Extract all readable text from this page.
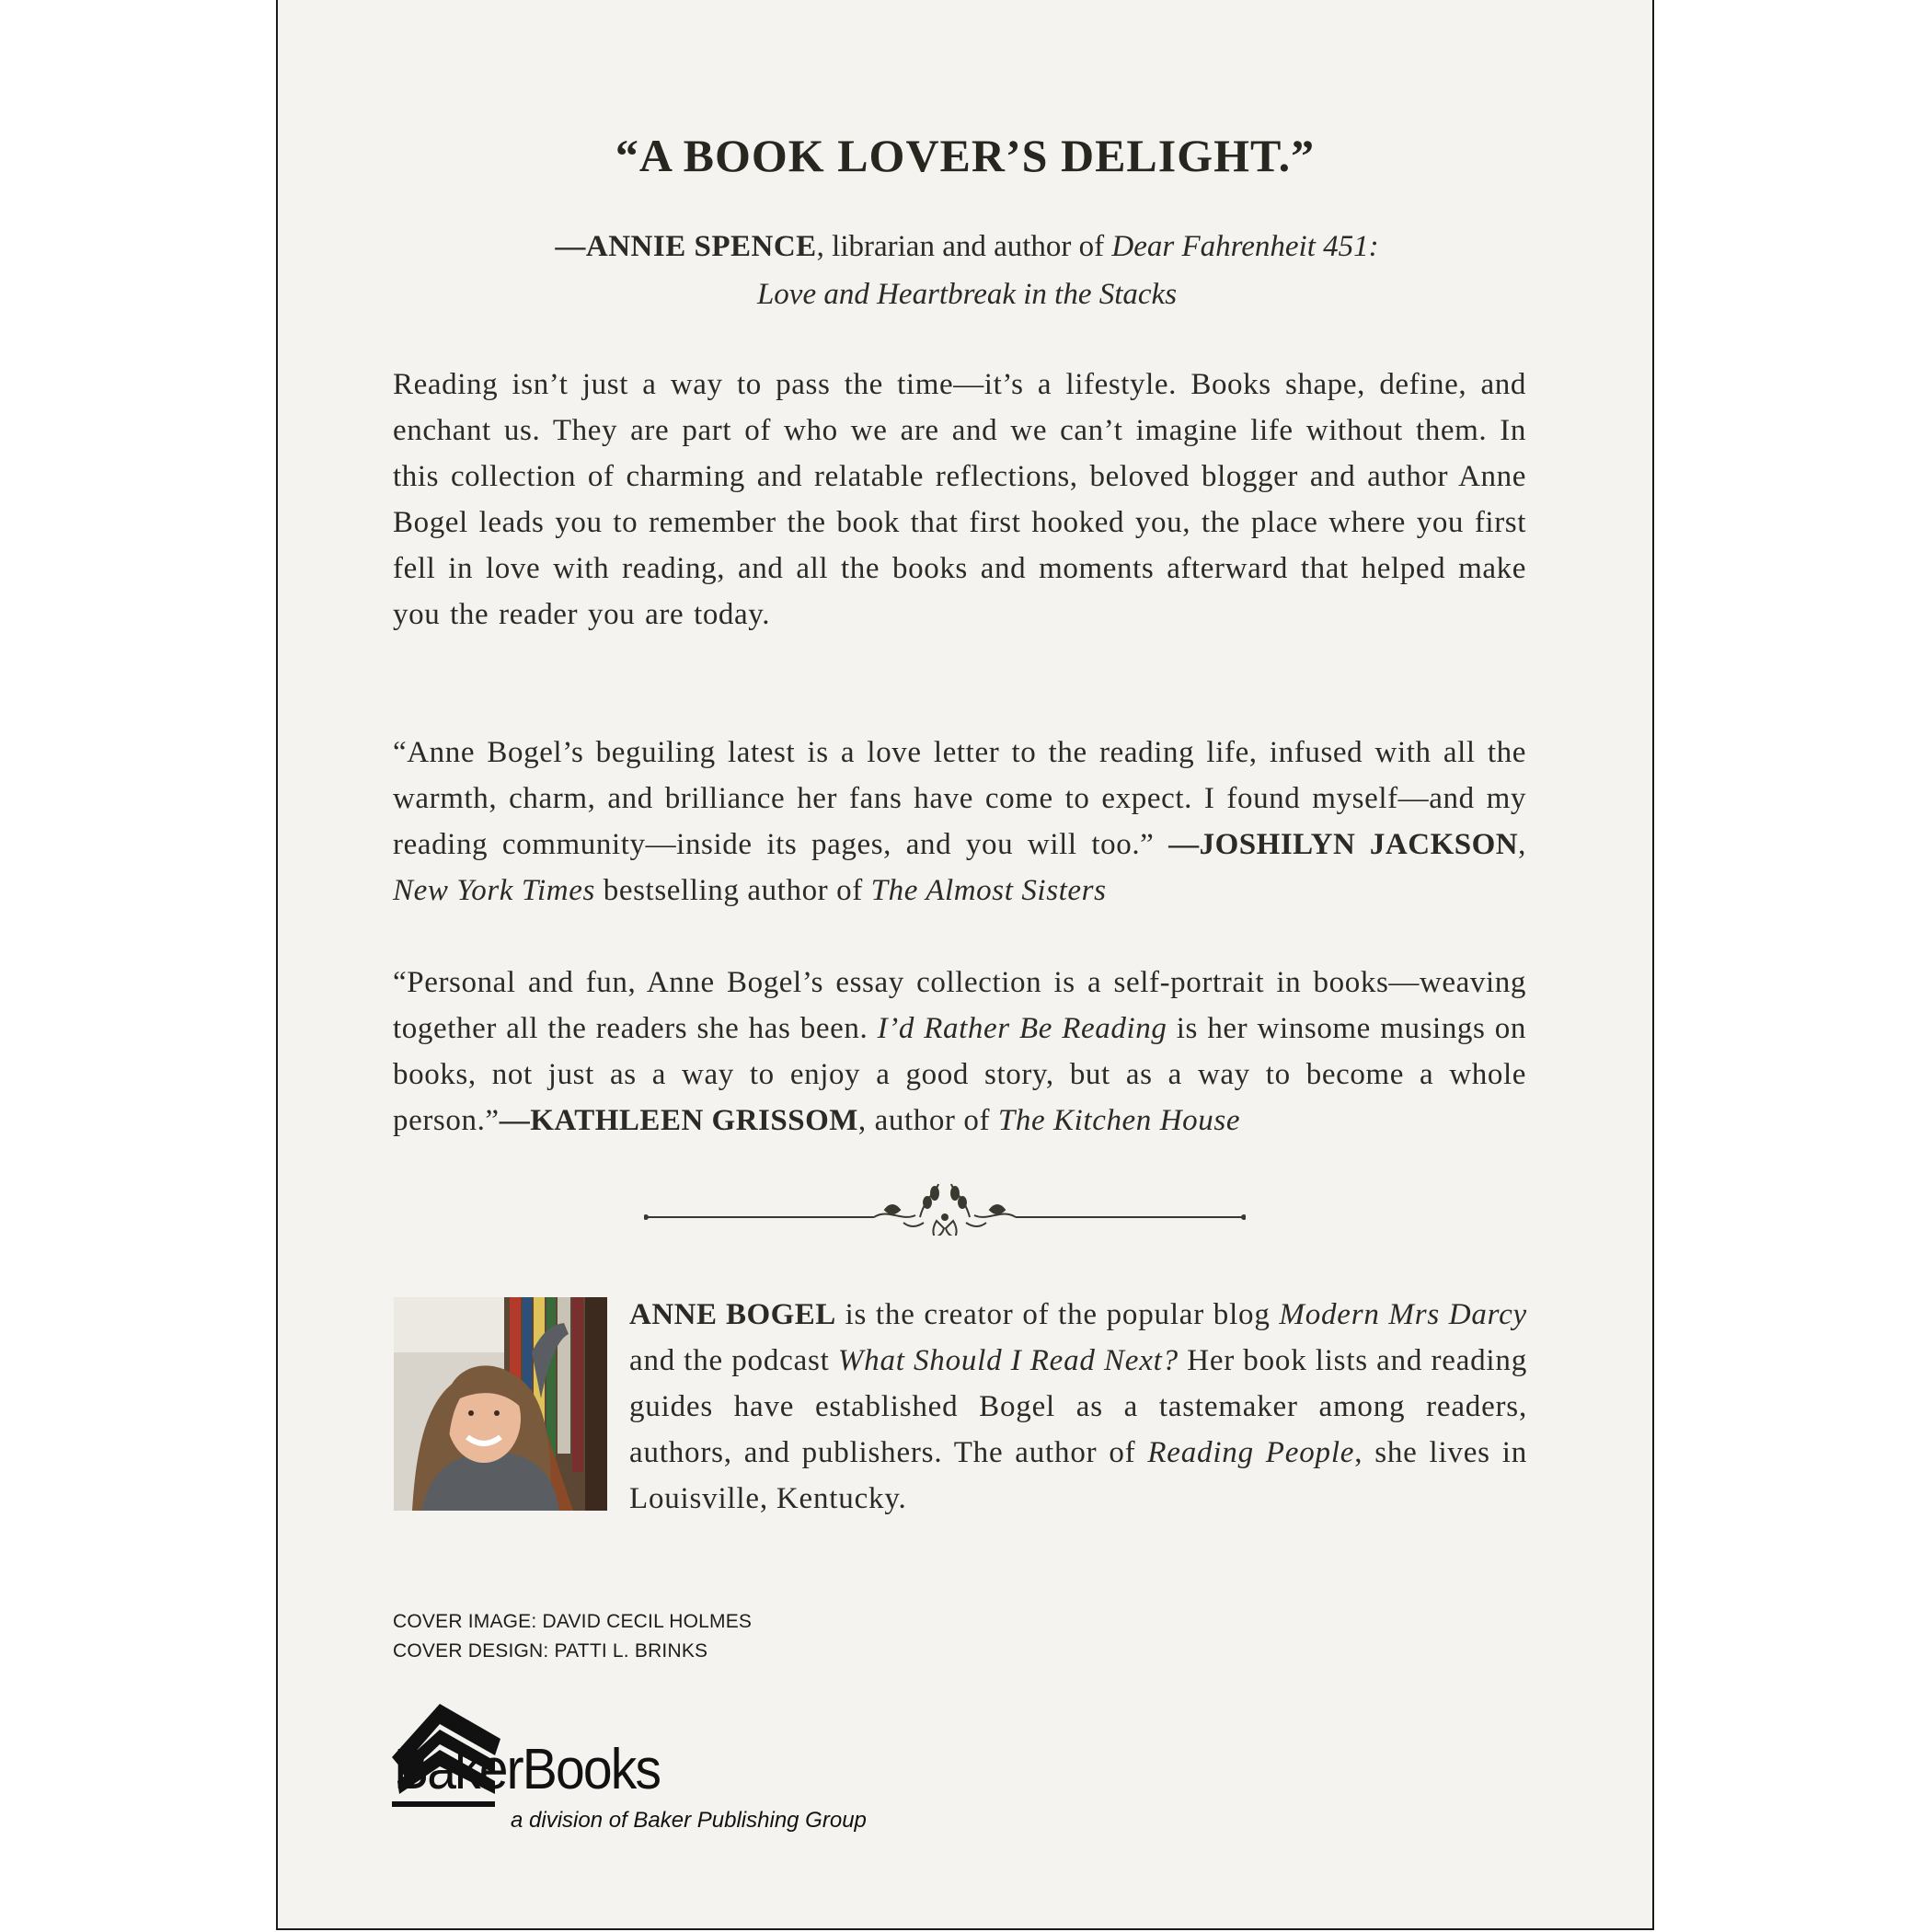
“A BOOK LOVER’S DELIGHT.”
—ANNIE SPENCE, librarian and author of Dear Fahrenheit 451:
Love and Heartbreak in the Stacks
Reading isn’t just a way to pass the time—it’s a lifestyle. Books shape, define, and enchant us. They are part of who we are and we can’t imagine life without them. In this collection of charming and relatable reflections, beloved blogger and author Anne Bogel leads you to remember the book that first hooked you, the place where you first fell in love with reading, and all the books and moments afterward that helped make you the reader you are today.
“Anne Bogel’s beguiling latest is a love letter to the reading life, infused with all the warmth, charm, and brilliance her fans have come to expect. I found myself—and my reading community—inside its pages, and you will too.” —JOSHILYN JACKSON, New York Times bestselling author of The Almost Sisters
“Personal and fun, Anne Bogel’s essay collection is a self-portrait in books—weaving together all the readers she has been. I’d Rather Be Reading is her winsome musings on books, not just as a way to enjoy a good story, but as a way to become a whole person.”—KATHLEEN GRISSOM, author of The Kitchen House
ANNE BOGEL is the creator of the popular blog Modern Mrs Darcy and the podcast What Should I Read Next? Her book lists and reading guides have established Bogel as a tastemaker among readers, authors, and publishers. The author of Reading People, she lives in Louisville, Kentucky.
COVER IMAGE: DAVID CECIL HOLMES
COVER DESIGN: PATTI L. BRINKS
BakerBooks
a division of Baker Publishing Group
